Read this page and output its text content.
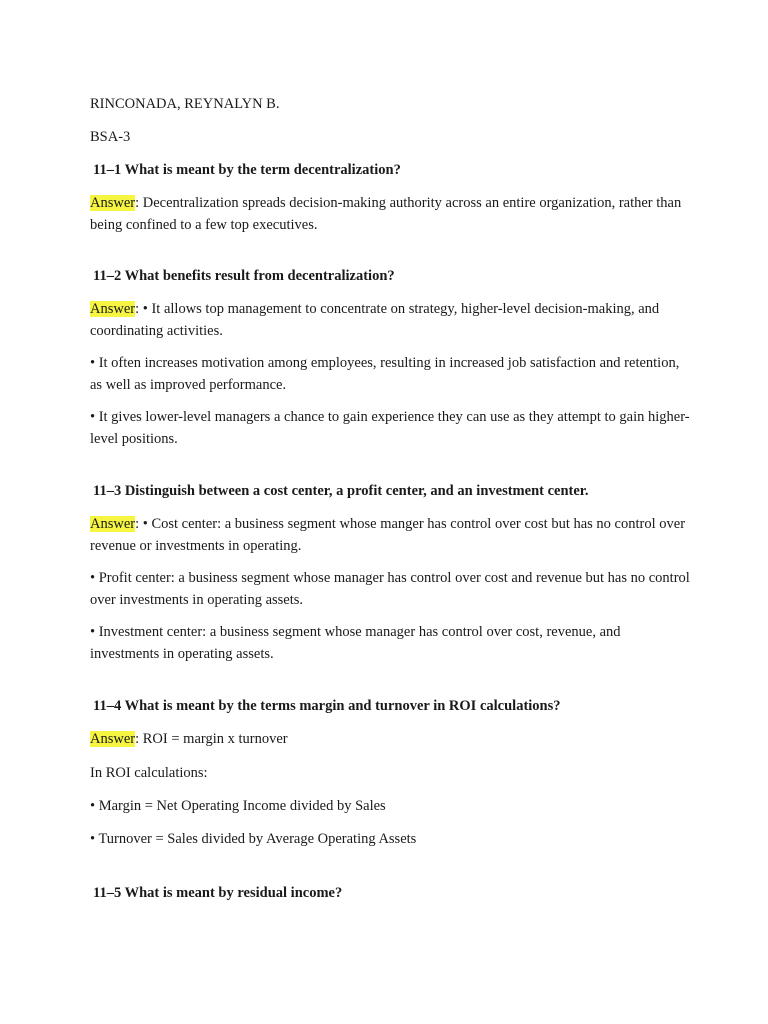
RINCONADA, REYNALYN B.

BSA-3

11–1 What is meant by the term decentralization?

Answer: Decentralization spreads decision-making authority across an entire organization, rather than being confined to a few top executives.

11–2 What benefits result from decentralization?

Answer: • It allows top management to concentrate on strategy, higher-level decision-making, and coordinating activities.

• It often increases motivation among employees, resulting in increased job satisfaction and retention, as well as improved performance.

• It gives lower-level managers a chance to gain experience they can use as they attempt to gain higher-level positions.

11–3 Distinguish between a cost center, a profit center, and an investment center.

Answer: • Cost center: a business segment whose manger has control over cost but has no control over revenue or investments in operating.

• Profit center: a business segment whose manager has control over cost and revenue but has no control over investments in operating assets.

• Investment center: a business segment whose manager has control over cost, revenue, and investments in operating assets.

11–4 What is meant by the terms margin and turnover in ROI calculations?

Answer: ROI = margin x turnover

In ROI calculations:

• Margin = Net Operating Income divided by Sales

• Turnover = Sales divided by Average Operating Assets

11–5 What is meant by residual income?
